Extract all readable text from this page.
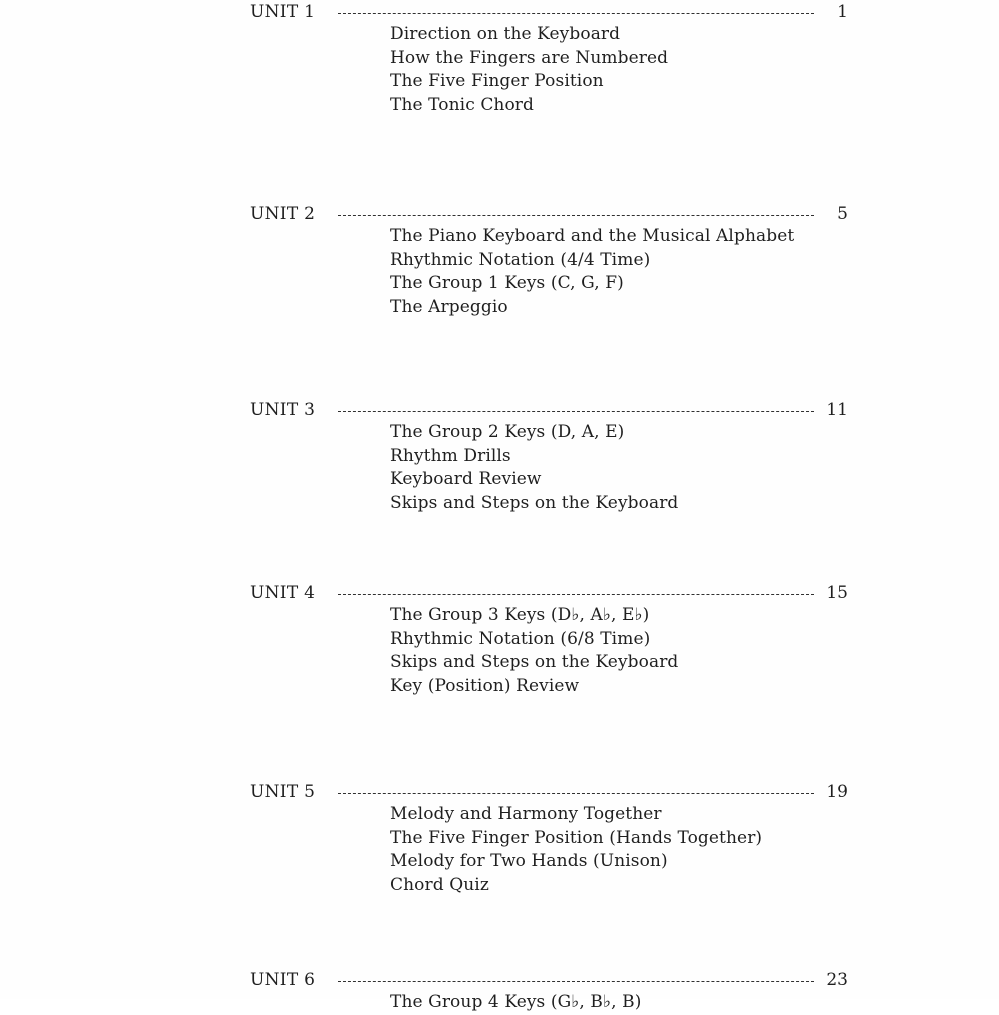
UNIT 1	1
Direction on the Keyboard
How the Fingers are Numbered
The Five Finger Position
The Tonic Chord
UNIT 2	5
The Piano Keyboard and the Musical Alphabet
Rhythmic Notation (4/4 Time)
The Group 1 Keys (C, G, F)
The Arpeggio
UNIT 3	11
The Group 2 Keys (D, A, E)
Rhythm Drills
Keyboard Review
Skips and Steps on the Keyboard
UNIT 4	15
The Group 3 Keys (D♭, A♭, E♭)
Rhythmic Notation (6/8 Time)
Skips and Steps on the Keyboard
Key (Position) Review
UNIT 5	19
Melody and Harmony Together
The Five Finger Position (Hands Together)
Melody for Two Hands (Unison)
Chord Quiz
UNIT 6	23
The Group 4 Keys (G♭, B♭, B)
